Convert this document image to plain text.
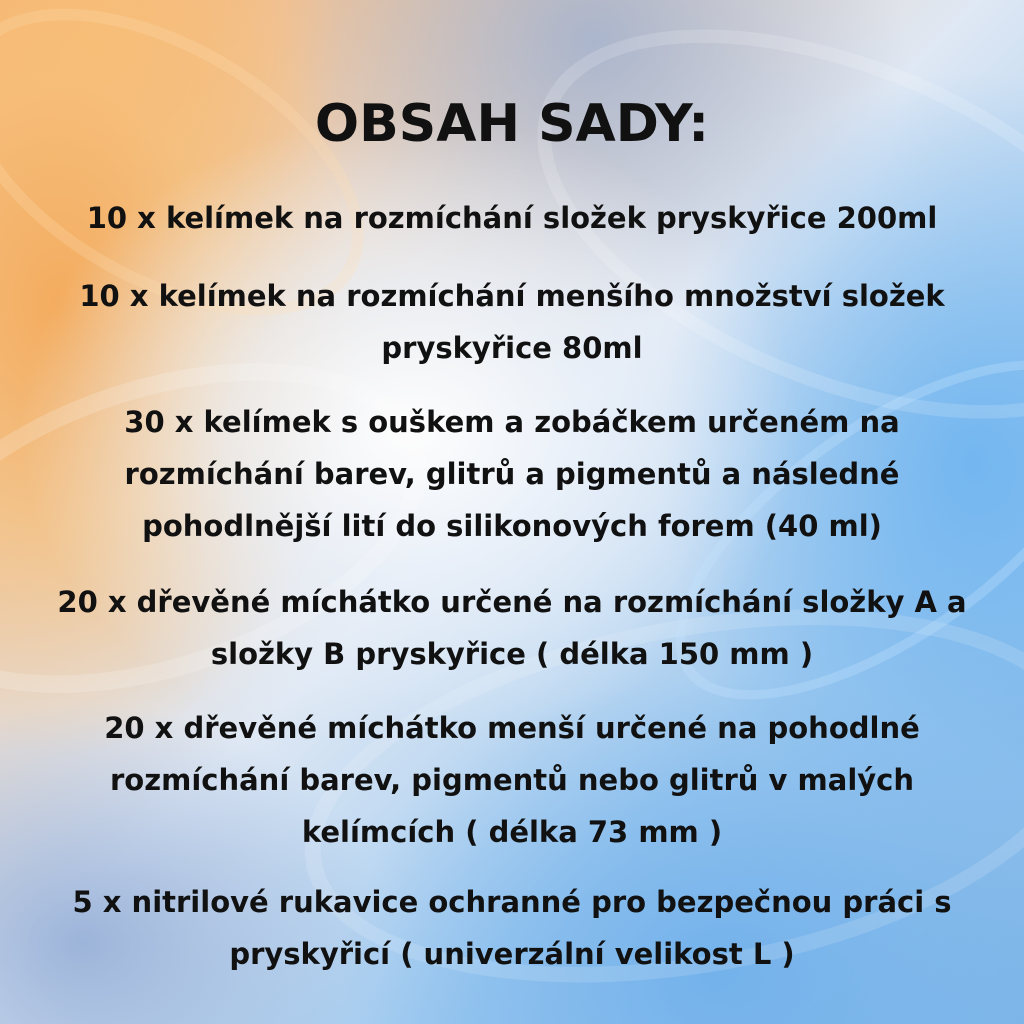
OBSAH SADY:

10 x kelímek na rozmíchání složek pryskyřice 200ml

10 x kelímek na rozmíchání menšího množství složek pryskyřice 80ml

30 x kelímek s ouškem a zobáčkem určeném na rozmíchání barev, glitrů a pigmentů a následné pohodlnější lití do silikonových forem (40 ml)

20 x dřevěné míchátko určené na rozmíchání složky A a složky B pryskyřice ( délka 150 mm )

20 x dřevěné míchátko menší určené na pohodlné rozmíchání barev, pigmentů nebo glitrů v malých kelímcích ( délka 73 mm )

5 x nitrilové rukavice ochranné pro bezpečnou práci s pryskyřicí ( univerzální velikost L )
